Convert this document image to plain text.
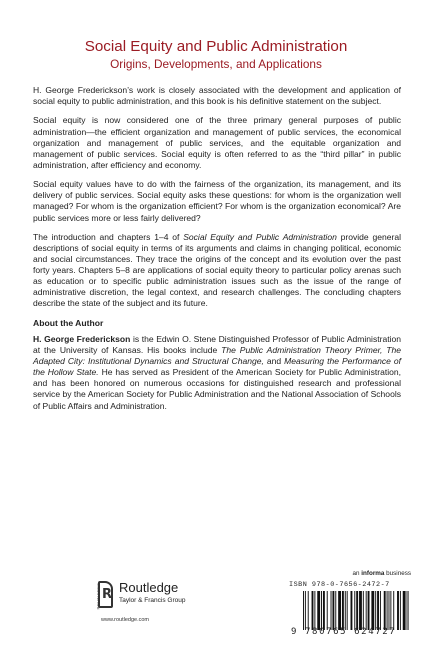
Social Equity and Public Administration
Origins, Developments, and Applications

H. George Frederickson’s work is closely associated with the development and application of social equity to public administration, and this book is his definitive statement on the subject.

Social equity is now considered one of the three primary general purposes of public administration—the efficient organization and management of public services, the economical organization and management of public services, and the equitable organization and management of public services. Social equity is often referred to as the “third pillar” in public administration, after efficiency and economy.

Social equity values have to do with the fairness of the organization, its management, and its delivery of public services. Social equity asks these questions: for whom is the organization well managed? For whom is the organization efficient? For whom is the organization economical? Are public services more or less fairly delivered?

The introduction and chapters 1–4 of Social Equity and Public Administration provide general descriptions of social equity in terms of its arguments and claims in changing political, economic and social circumstances. They trace the origins of the concept and its evolution over the past forty years. Chapters 5–8 are applications of social equity theory to particular policy arenas such as education or to specific public administration issues such as the issue of the range of administrative discretion, the legal context, and research challenges. The concluding chapters describe the state of the subject and its future.

About the Author

H. George Frederickson is the Edwin O. Stene Distinguished Professor of Public Administration at the University of Kansas. His books include The Public Administration Theory Primer, The Adapted City: Institutional Dynamics and Structural Change, and Measuring the Performance of the Hollow State. He has served as President of the American Society for Public Administration, and has been honored on numerous occasions for distinguished research and professional service by the American Society for Public Administration and the National Association of Schools of Public Affairs and Administration.

ROUTLEDGE R Routledge
Taylor & Francis Group
www.routledge.com
an informa business
ISBN 978-0-7656-2472-7
9 780765 624727
